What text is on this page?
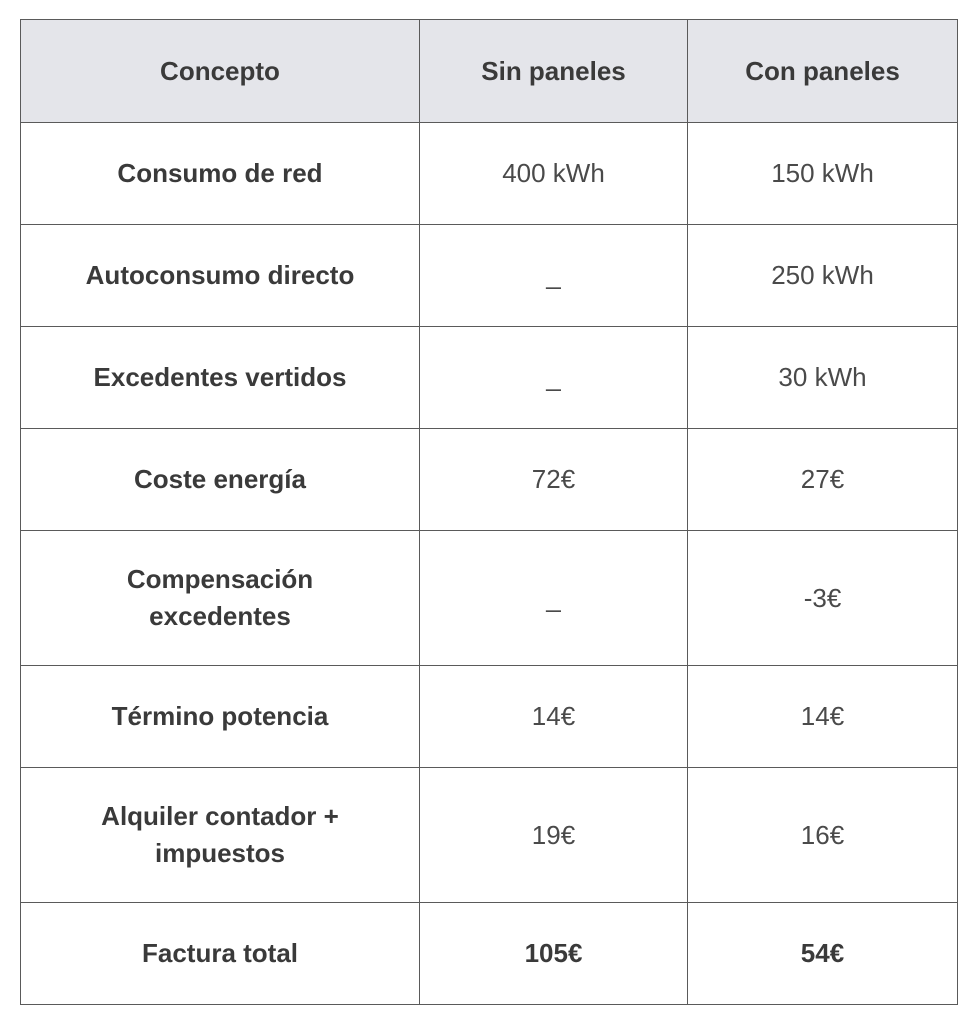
Concepto	Sin paneles	Con paneles
Consumo de red	400 kWh	150 kWh
Autoconsumo directo	_	250 kWh
Excedentes vertidos	_	30 kWh
Coste energía	72€	27€
Compensación
excedentes	_	-3€
Término potencia	14€	14€
Alquiler contador +
impuestos	19€	16€
Factura total	105€	54€
